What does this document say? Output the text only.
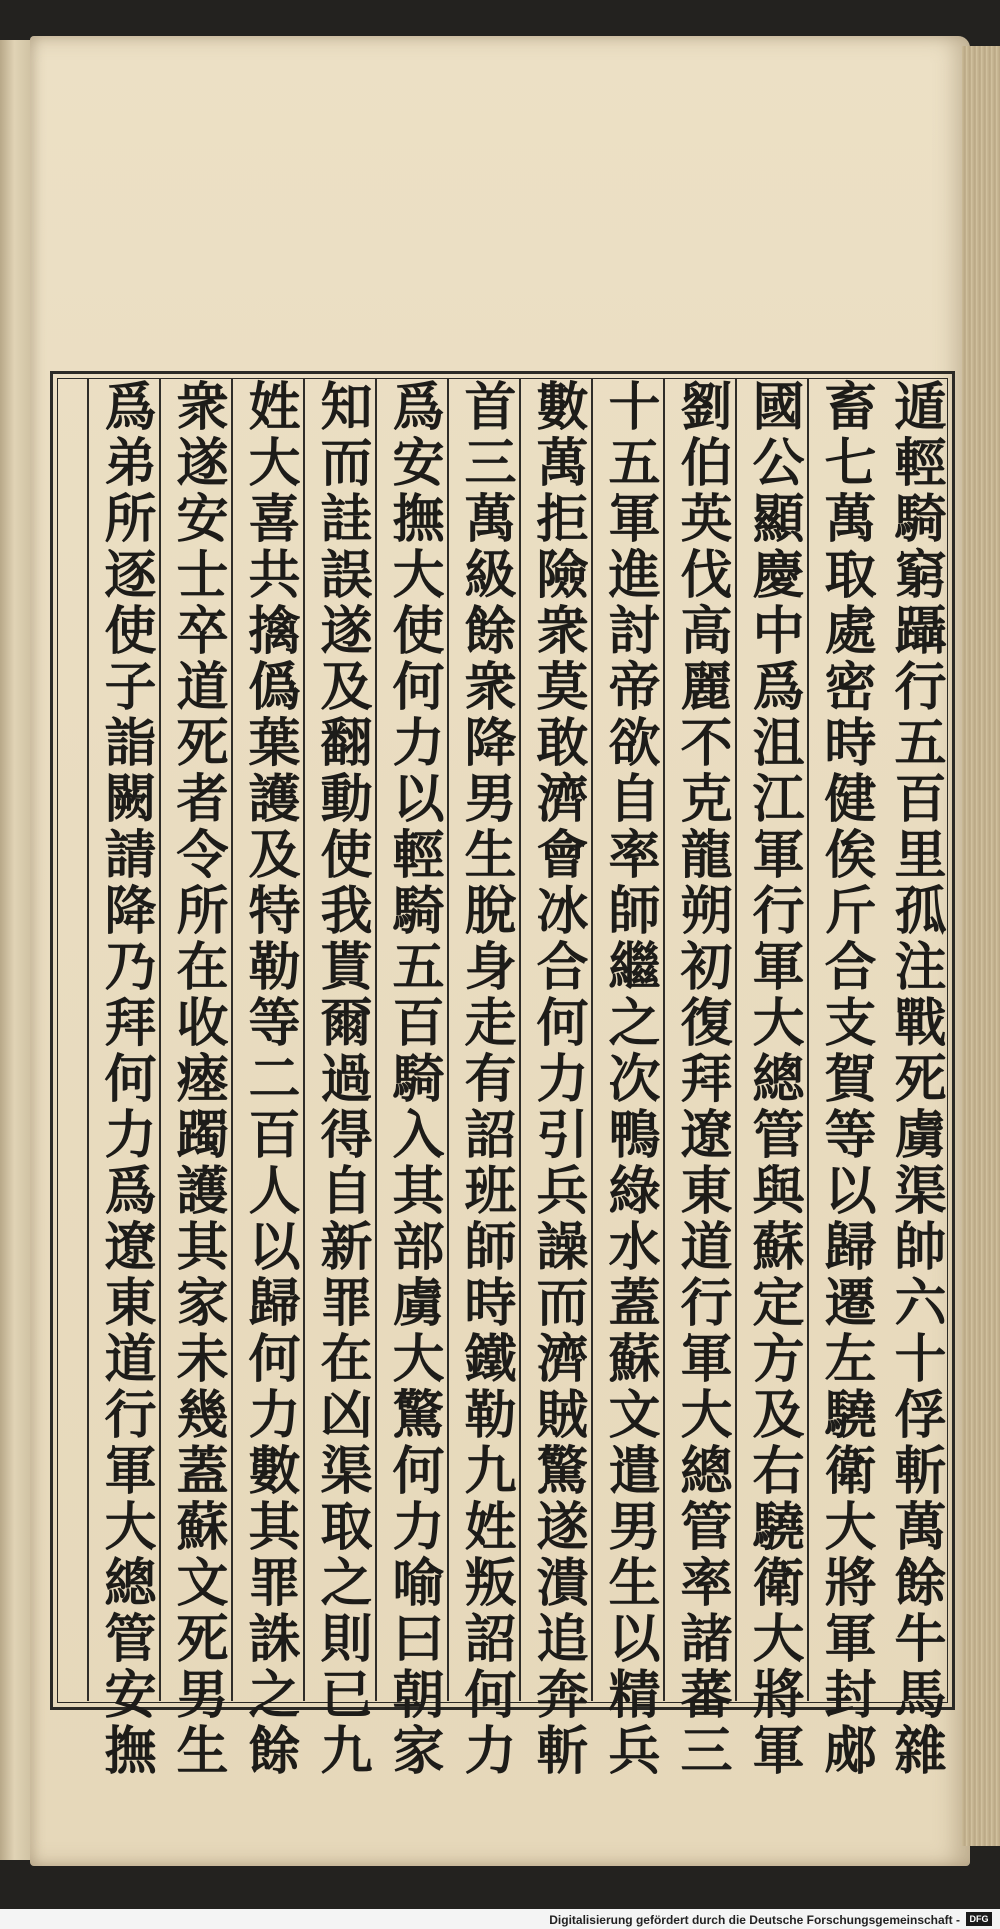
遁輕騎窮躡行五百里孤注戰死虜渠帥六十俘斬萬餘牛馬雜
畜七萬取處密時健俟斤合支賀等以歸遷左驍衛大將軍封郕
國公顯慶中爲沮江軍行軍大總管與蘇定方及右驍衛大將軍
劉伯英伐高麗不克龍朔初復拜遼東道行軍大總管率諸蕃三
十五軍進討帝欲自率師繼之次鴨綠水蓋蘇文遣男生以精兵
數萬拒險衆莫敢濟會冰合何力引兵譟而濟賊驚遂潰追奔斬
首三萬級餘衆降男生脫身走有詔班師時鐵勒九姓叛詔何力
爲安撫大使何力以輕騎五百騎入其部虜大驚何力喻曰朝家
知而詿誤遂及翻動使我貰爾過得自新罪在凶渠取之則已九
姓大喜共擒僞葉護及特勒等二百人以歸何力數其罪誅之餘
衆遂安士卒道死者令所在收瘞躅護其家未幾蓋蘇文死男生
爲弟所逐使子詣闕請降乃拜何力爲遼東道行軍大總管安撫
Digitalisierung gefördert durch die Deutsche Forschungsgemeinschaft -	DFG
